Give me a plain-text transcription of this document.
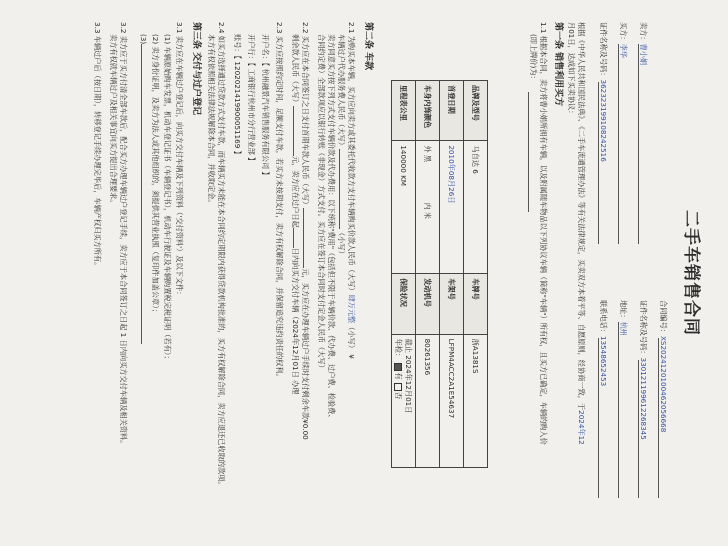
二手车销售合同
合同编号：XS2024120100462056668
证件名称及号码：330121199612268345
地址：杭州
联系电话：13548652453
卖方：曹小娟
买方：李华
证件名称及号码：362323199108242516
根据《中华人民共和国民法典》、《二手车流通管理办法》等有关法律规定，买卖双方本着平等、自愿原则，经协商一致，于2024年12
月01日，达成如下买卖协议：
第一条 销售利用买方
1.1 根据本合同，卖方将曹小娟所拥有车辆，以及附属随车物品以下列协议车辆（简称"车辆"）所有权，且买方已确定，车辆的购入价
(即上牌价)为：
品牌及型号	马自达 6	车牌号	浙A1381S
首登日期	2010年08月26日	车架号	LFPM4ACC2A1E54637
车身内饰颜色	外 黑 内 米	发动机号	80261356
里程表公里	140000 KM	保险状况	截止 2024年12月01日
年检： 有 否
第二条 车款
2.1 为购买本车辆，买方应向卖方或其委托代收款方支付车辆购买价款人民币（大写）肆万元整（小写） ¥
车辆过户代办服务费人民币（大写）（小写）
卖方同意买方按下列方式支付车辆价款及代办费用：以下统称"费用"（包括但不限于车辆价款、代办费、过户费、检验费、
合同约定费）全部款项应以银行转账（非现金）方式支付。买方应在签订本合同时支付定金人民币（大写）
2.2 买方应在本合同签订之日支付首期车款人民币（大写）元，买方应在办理车辆过户手续时支付剩余车款¥0.00
剩余款人民币（大写）元，卖方应在过户日起日内向买方交付车辆（2024年12月01日 办理
2.3 买方应按照约定时间，足额支付车款，若买方未按期支付，卖方有权解除合同，并保留追究违约责任的权利。
开户名：【 杭州融景汽车销售服务有限公司 】
开户行：【 工商银行杭州市分行营业部 】
账号：【 1202021419900051169 】
2.4 如买方选择通过贷款方式支付车款，而车辆买方未能在本合同约定期限内获得贷款机构批准的，买方有权解除合同，卖方应退还已收取的款项。
本方有权依照相关法律法规解除本合同，并收取定金。
第三条 交付与过户登记
3.1 卖方应在车辆过户登记后，向买方交付车辆及下列资料（'交付资料'）及以下文件：
(1) 车辆原始购车发票，机动车登记证书（车辆登记书），机动车行驶证及车辆购置税完税证明（若有）；
(2) 卖方身份证明，及卖方为法人或其他组织的，须提供其营业执照（复印件加盖公章）；
(3)
3.2 卖方应于买方付清全部车款后，配合买方办理车辆过户登记手续，卖方应于本合同签订之日起 1 日内向买方交付车辆及相关资料。
卖方有权就车辆过户及相关事宜向买方提出合理要求。
3.3 车辆过户后（按日期），转移登记手续办理完毕后，车辆产权归买方所有。
